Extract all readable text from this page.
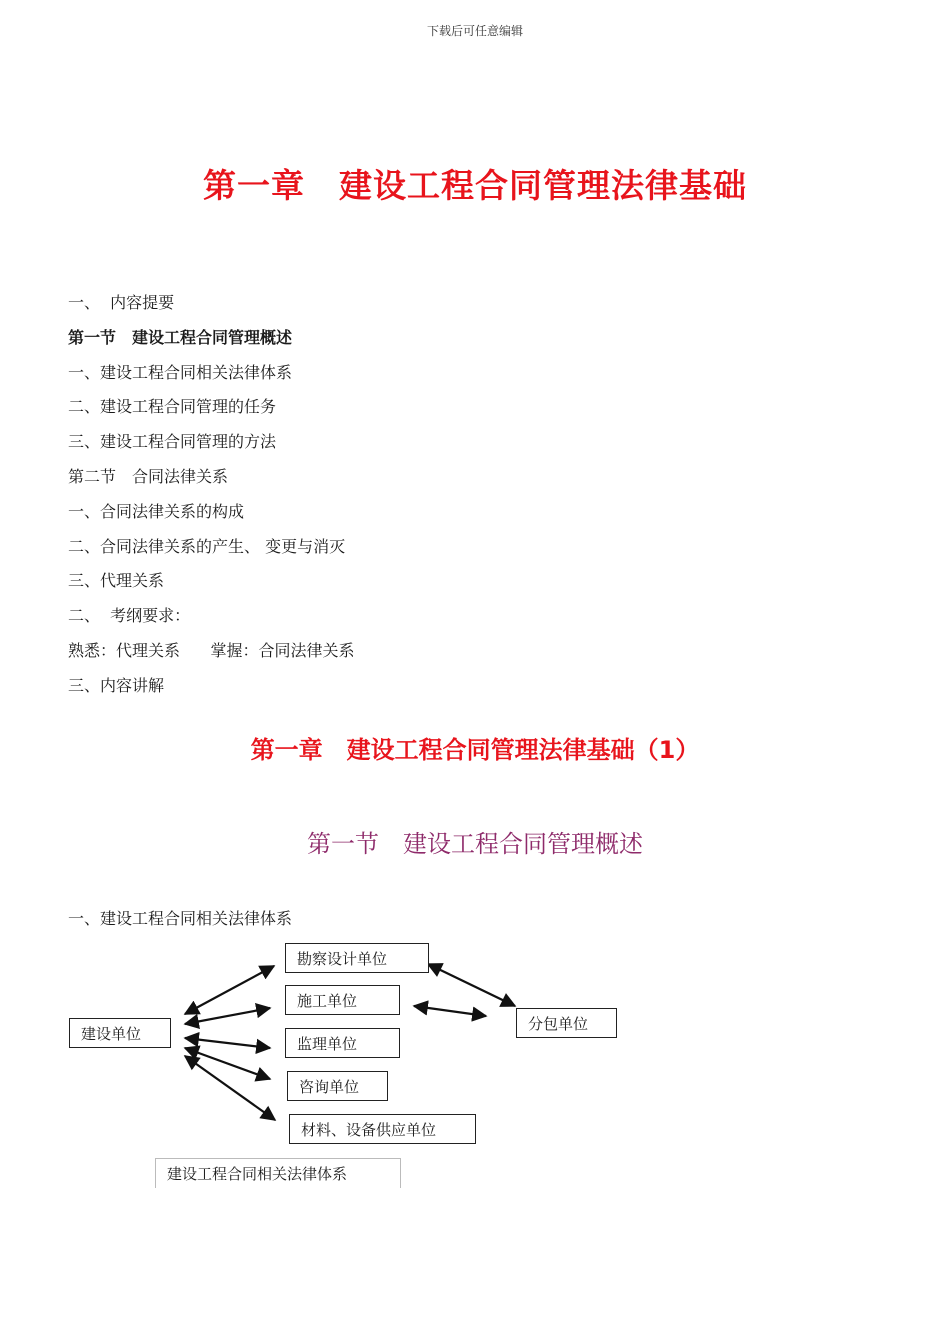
下载后可任意编辑
第一章　建设工程合同管理法律基础
一、  内容提要
第一节　建设工程合同管理概述
一、建设工程合同相关法律体系
二、建设工程合同管理的任务
三、建设工程合同管理的方法
第二节　合同法律关系
一、合同法律关系的构成
二、合同法律关系的产生、 变更与消灭
三、代理关系
二、  考纲要求：
熟悉：代理关系      掌握：合同法律关系
三、内容讲解
第一章　建设工程合同管理法律基础（1）
第一节　建设工程合同管理概述
一、建设工程合同相关法律体系
建设单位
勘察设计单位
施工单位
监理单位
咨询单位
材料、设备供应单位
分包单位
建设工程合同相关法律体系
